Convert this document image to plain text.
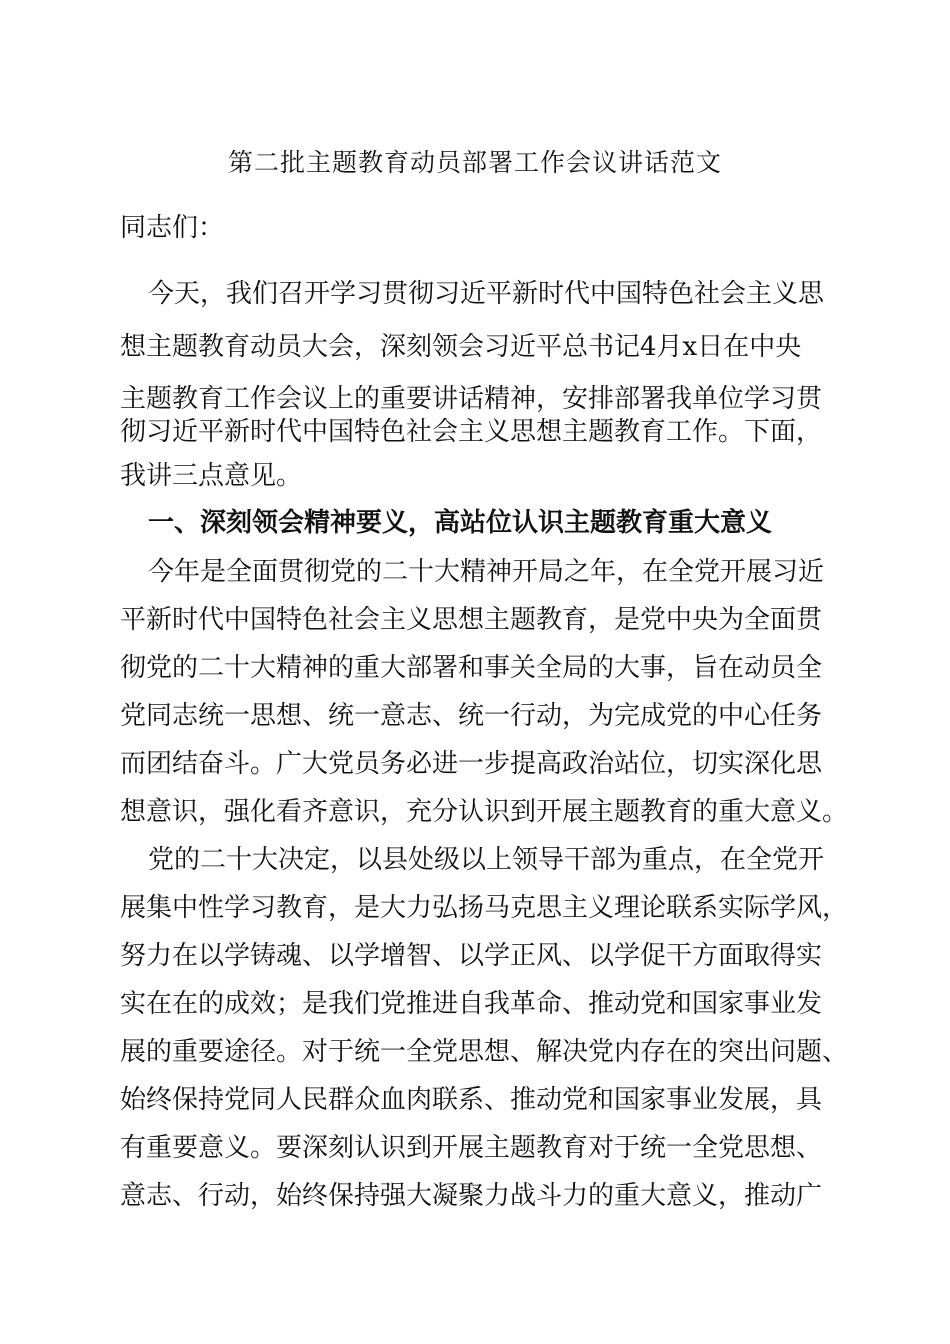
第二批主题教育动员部署工作会议讲话范文

同志们：

今天，我们召开学习贯彻习近平新时代中国特色社会主义思

想主题教育动员大会，深刻领会习近平总书记4月x日在中央

主题教育工作会议上的重要讲话精神，安排部署我单位学习贯

彻习近平新时代中国特色社会主义思想主题教育工作。下面，

我讲三点意见。

一、深刻领会精神要义，高站位认识主题教育重大意义

今年是全面贯彻党的二十大精神开局之年，在全党开展习近

平新时代中国特色社会主义思想主题教育，是党中央为全面贯

彻党的二十大精神的重大部署和事关全局的大事，旨在动员全

党同志统一思想、统一意志、统一行动，为完成党的中心任务

而团结奋斗。广大党员务必进一步提高政治站位，切实深化思

想意识，强化看齐意识，充分认识到开展主题教育的重大意义。

党的二十大决定，以县处级以上领导干部为重点，在全党开

展集中性学习教育，是大力弘扬马克思主义理论联系实际学风，

努力在以学铸魂、以学增智、以学正风、以学促干方面取得实

实在在的成效；是我们党推进自我革命、推动党和国家事业发

展的重要途径。对于统一全党思想、解决党内存在的突出问题、

始终保持党同人民群众血肉联系、推动党和国家事业发展，具

有重要意义。要深刻认识到开展主题教育对于统一全党思想、

意志、行动，始终保持强大凝聚力战斗力的重大意义，推动广
